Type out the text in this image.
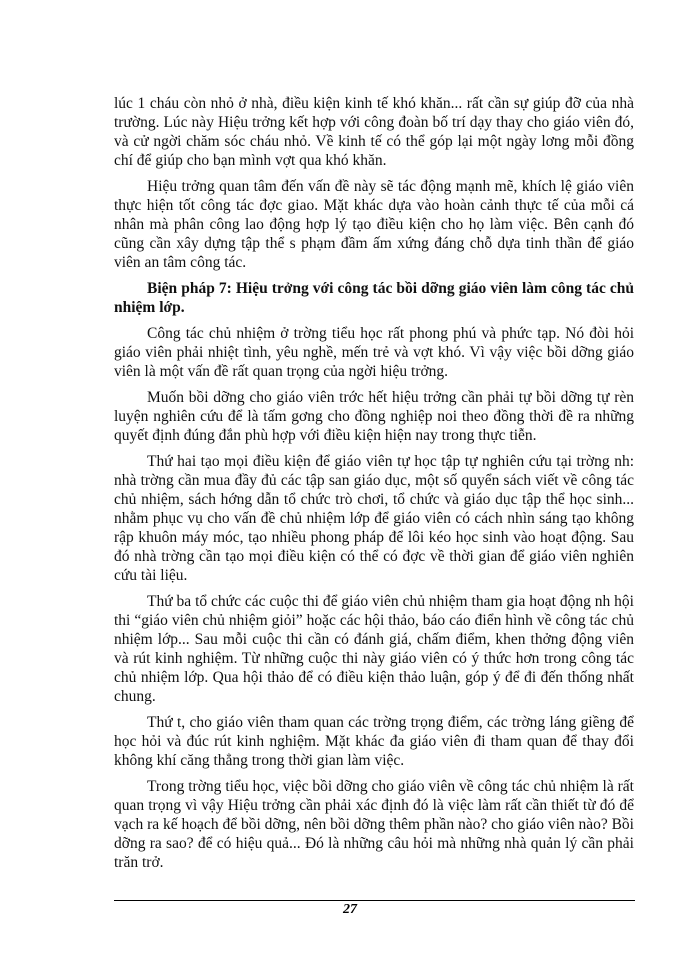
lúc 1 cháu còn nhỏ ở nhà, điều kiện kinh tế khó khăn... rất cần sự giúp đỡ của nhà trường. Lúc này Hiệu trởng kết hợp với công đoàn bố trí dạy thay cho giáo viên đó, và cử ngời chăm sóc cháu nhỏ. Về kinh tế có thể góp lại một ngày lơng mỗi đồng chí để giúp cho bạn mình vợt qua khó khăn.

Hiệu trởng quan tâm đến vấn đề này sẽ tác động mạnh mẽ, khích lệ giáo viên thực hiện tốt công tác đợc giao. Mặt khác dựa vào hoàn cảnh thực tế của mỗi cá nhân mà phân công lao động hợp lý tạo điều kiện cho họ làm việc. Bên cạnh đó cũng cần xây dựng tập thể s phạm đầm ấm xứng đáng chỗ dựa tinh thần để giáo viên an tâm công tác.

Biện pháp 7: Hiệu trởng với công tác bồi dỡng giáo viên làm công tác chủ nhiệm lớp.

Công tác chủ nhiệm ở trờng tiểu học rất phong phú và phức tạp. Nó đòi hỏi giáo viên phải nhiệt tình, yêu nghề, mến trẻ và vợt khó. Vì vậy việc bồi dỡng giáo viên là một vấn đề rất quan trọng của ngời hiệu trởng.

Muốn bồi dỡng cho giáo viên trớc hết hiệu trởng cần phải tự bồi dỡng tự rèn luyện nghiên cứu để là tấm gơng cho đồng nghiệp noi theo đồng thời đề ra những quyết định đúng đắn phù hợp với điều kiện hiện nay trong thực tiễn.

Thứ hai tạo mọi điều kiện để giáo viên tự học tập tự nghiên cứu tại trờng nh: nhà trờng cần mua đầy đủ các tập san giáo dục, một số quyển sách viết về công tác chủ nhiệm, sách hớng dẫn tổ chức trò chơi, tổ chức và giáo dục tập thể học sinh... nhằm phục vụ cho vấn đề chủ nhiệm lớp để giáo viên có cách nhìn sáng tạo không rập khuôn máy móc, tạo nhiều phong pháp để lôi kéo học sinh vào hoạt động. Sau đó nhà trờng cần tạo mọi điều kiện có thể có đợc về thời gian để giáo viên nghiên cứu tài liệu.

Thứ ba tổ chức các cuộc thi để giáo viên chủ nhiệm tham gia hoạt động nh hội thi “giáo viên chủ nhiệm giỏi” hoặc các hội thảo, báo cáo điển hình về công tác chủ nhiệm lớp... Sau mỗi cuộc thi cần có đánh giá, chấm điểm, khen thởng động viên và rút kinh nghiệm. Từ những cuộc thi này giáo viên có ý thức hơn trong công tác chủ nhiệm lớp. Qua hội thảo để có điều kiện thảo luận, góp ý để đi đến thống nhất chung.

Thứ t, cho giáo viên tham quan các trờng trọng điểm, các trờng láng giềng để học hỏi và đúc rút kinh nghiệm. Mặt khác đa giáo viên đi tham quan để thay đổi không khí căng thẳng trong thời gian làm việc.

Trong trờng tiểu học, việc bồi dỡng cho giáo viên về công tác chủ nhiệm là rất quan trọng vì vậy Hiệu trởng cần phải xác định đó là việc làm rất cần thiết từ đó để vạch ra kế hoạch để bồi dỡng, nên bồi dỡng thêm phần nào? cho giáo viên nào? Bồi dỡng ra sao? để có hiệu quả... Đó là những câu hỏi mà những nhà quản lý cần phải trăn trở.

27
